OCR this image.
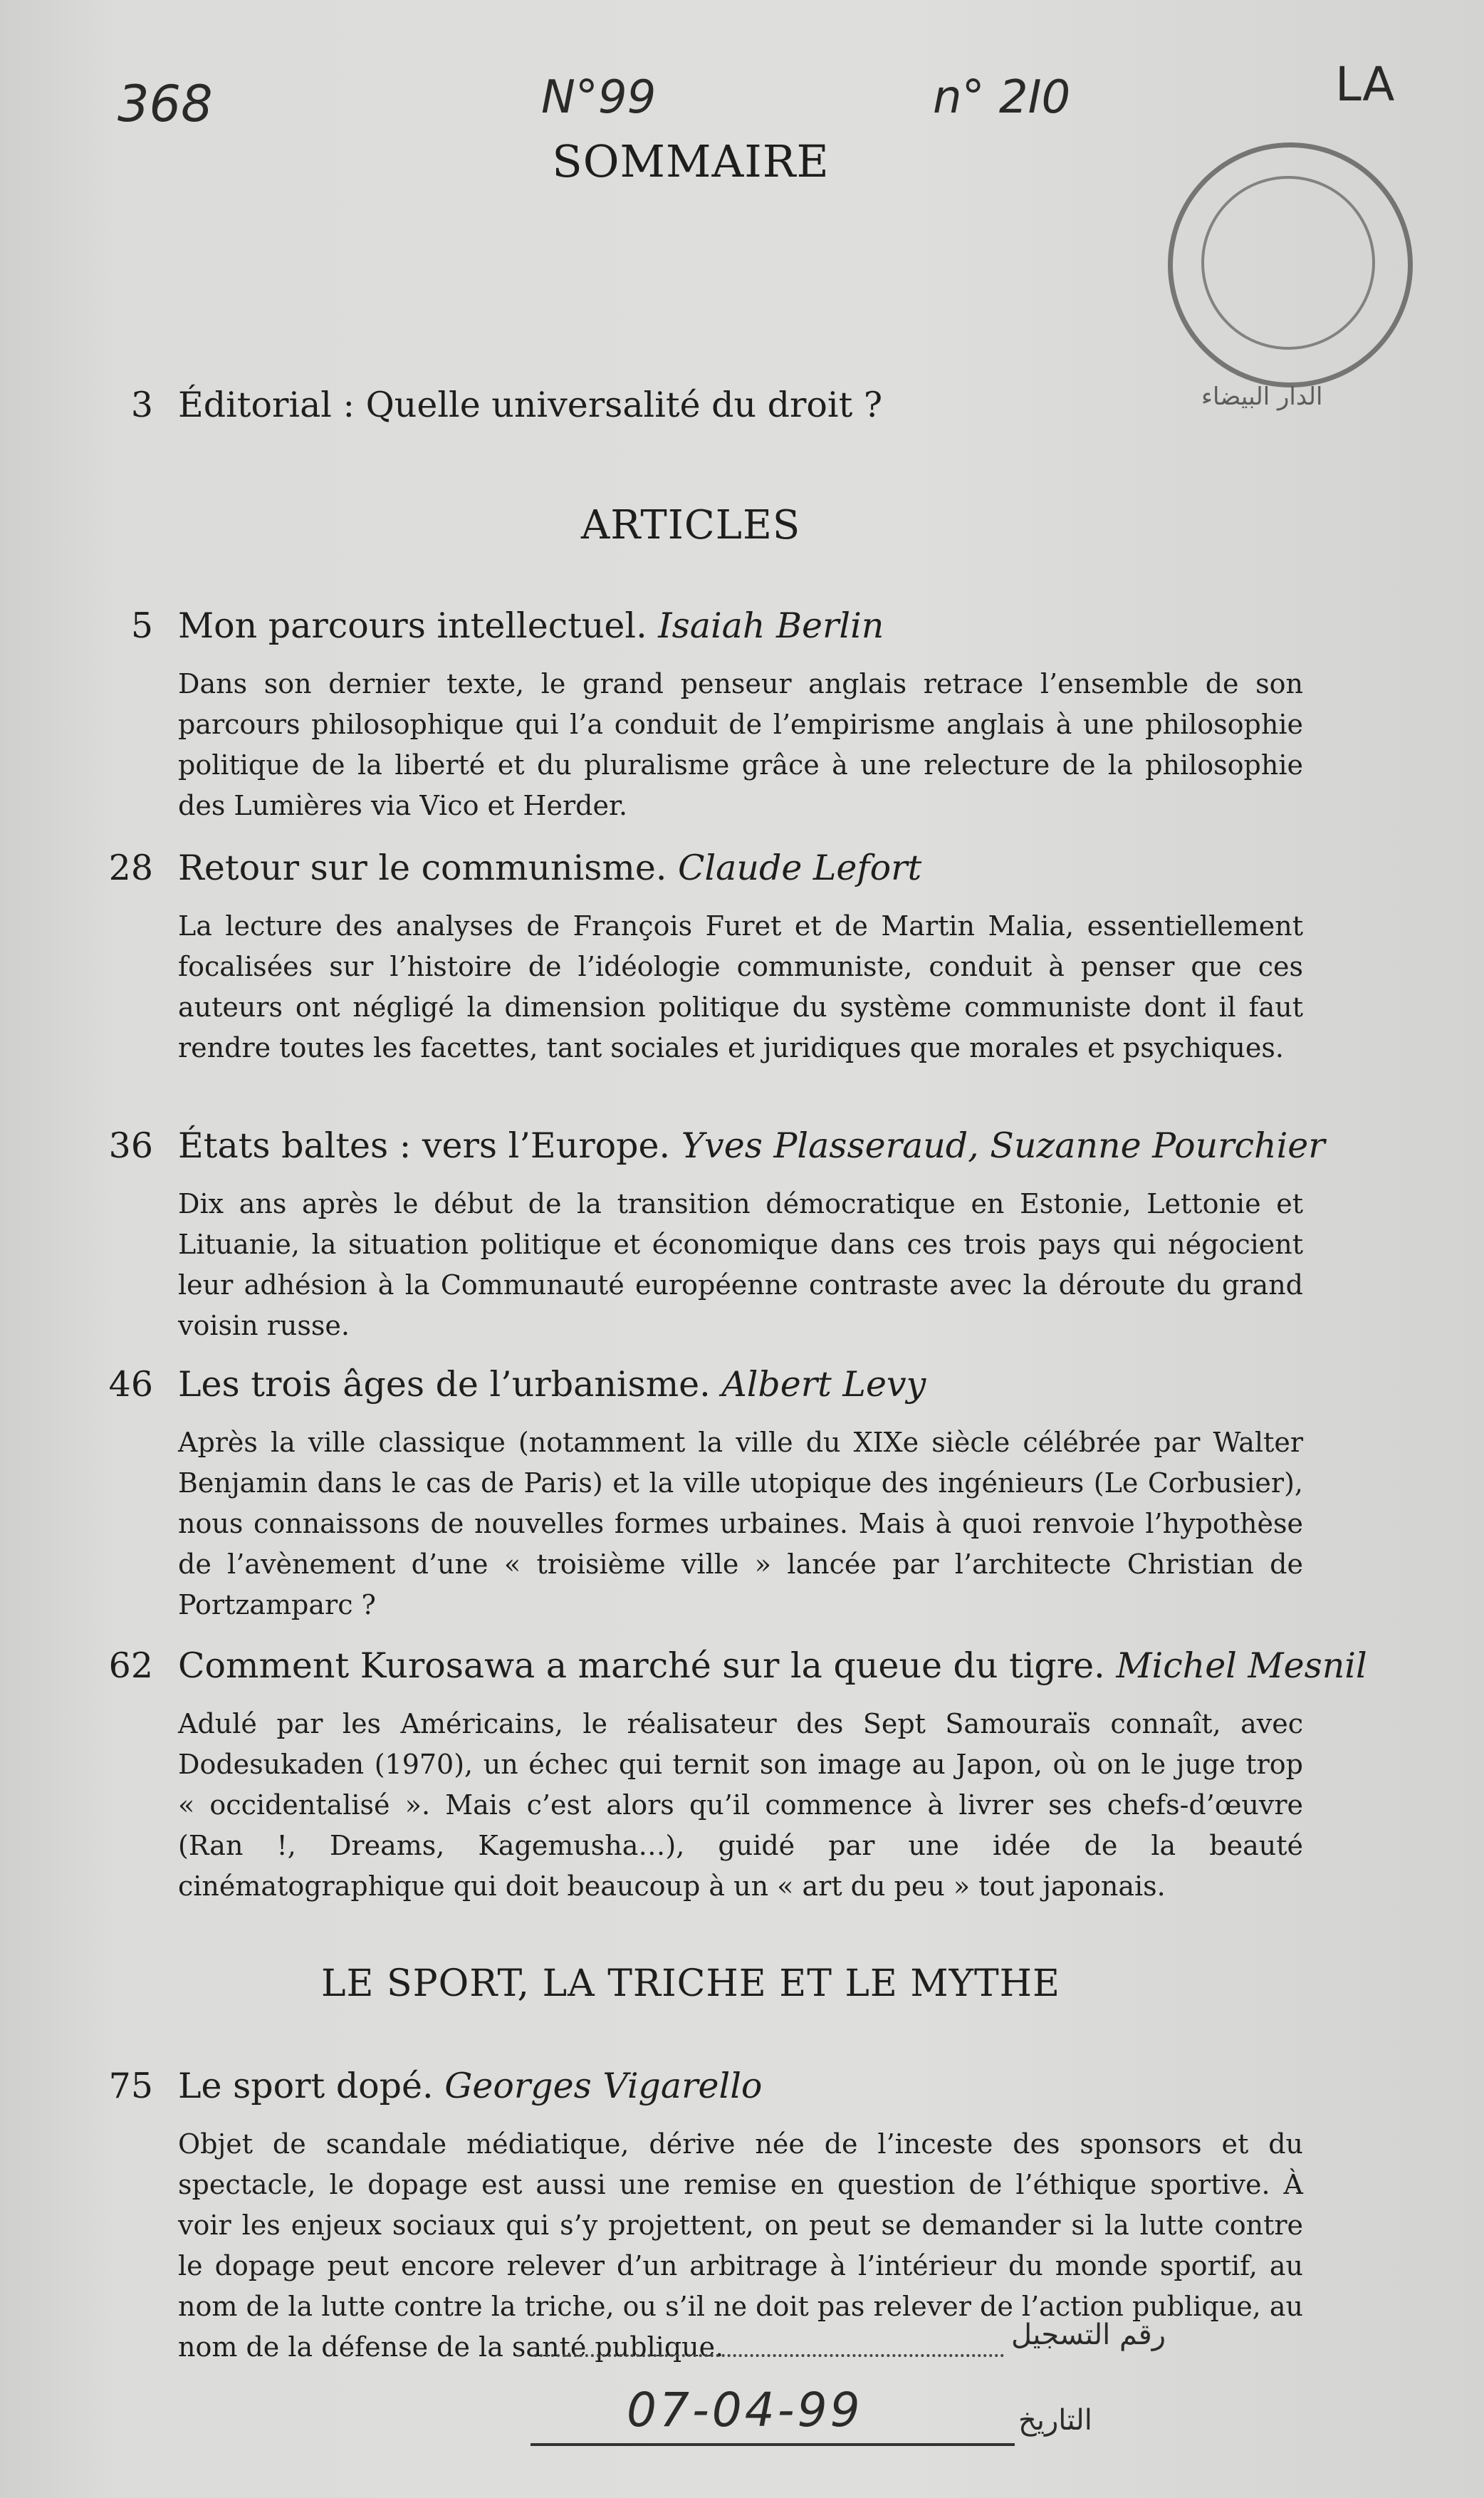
368	N°99	n° 2I0	LA
SOMMAIRE
الدار البيضاء
3 Éditorial : Quelle universalité du droit ?
ARTICLES
5 Mon parcours intellectuel. Isaiah Berlin
Dans son dernier texte, le grand penseur anglais retrace l’ensemble de son parcours philosophique qui l’a conduit de l’empirisme anglais à une philosophie politique de la liberté et du pluralisme grâce à une relecture de la philosophie des Lumières via Vico et Herder.
28 Retour sur le communisme. Claude Lefort
La lecture des analyses de François Furet et de Martin Malia, essentiellement focalisées sur l’histoire de l’idéologie communiste, conduit à penser que ces auteurs ont négligé la dimension politique du système communiste dont il faut rendre toutes les facettes, tant sociales et juridiques que morales et psychiques.
36 États baltes : vers l’Europe. Yves Plasseraud, Suzanne Pourchier
Dix ans après le début de la transition démocratique en Estonie, Lettonie et Lituanie, la situation politique et économique dans ces trois pays qui négocient leur adhésion à la Communauté européenne contraste avec la déroute du grand voisin russe.
46 Les trois âges de l’urbanisme. Albert Levy
Après la ville classique (notamment la ville du XIXe siècle célébrée par Walter Benjamin dans le cas de Paris) et la ville utopique des ingénieurs (Le Corbusier), nous connaissons de nouvelles formes urbaines. Mais à quoi renvoie l’hypothèse de l’avènement d’une « troisième ville » lancée par l’architecte Christian de Portzamparc ?
62 Comment Kurosawa a marché sur la queue du tigre. Michel Mesnil
Adulé par les Américains, le réalisateur des Sept Samouraïs connaît, avec Dodesukaden (1970), un échec qui ternit son image au Japon, où on le juge trop « occidentalisé ». Mais c’est alors qu’il commence à livrer ses chefs-d’œuvre (Ran !, Dreams, Kagemusha…), guidé par une idée de la beauté cinématographique qui doit beaucoup à un « art du peu » tout japonais.
LE SPORT, LA TRICHE ET LE MYTHE
75 Le sport dopé. Georges Vigarello
Objet de scandale médiatique, dérive née de l’inceste des sponsors et du spectacle, le dopage est aussi une remise en question de l’éthique sportive. À voir les enjeux sociaux qui s’y projettent, on peut se demander si la lutte contre le dopage peut encore relever d’un arbitrage à l’intérieur du monde sportif, au nom de la lutte contre la triche, ou s’il ne doit pas relever de l’action publique, au nom de la défense de la santé publique.	رقم التسجيل
07-04-99	التاريخ
